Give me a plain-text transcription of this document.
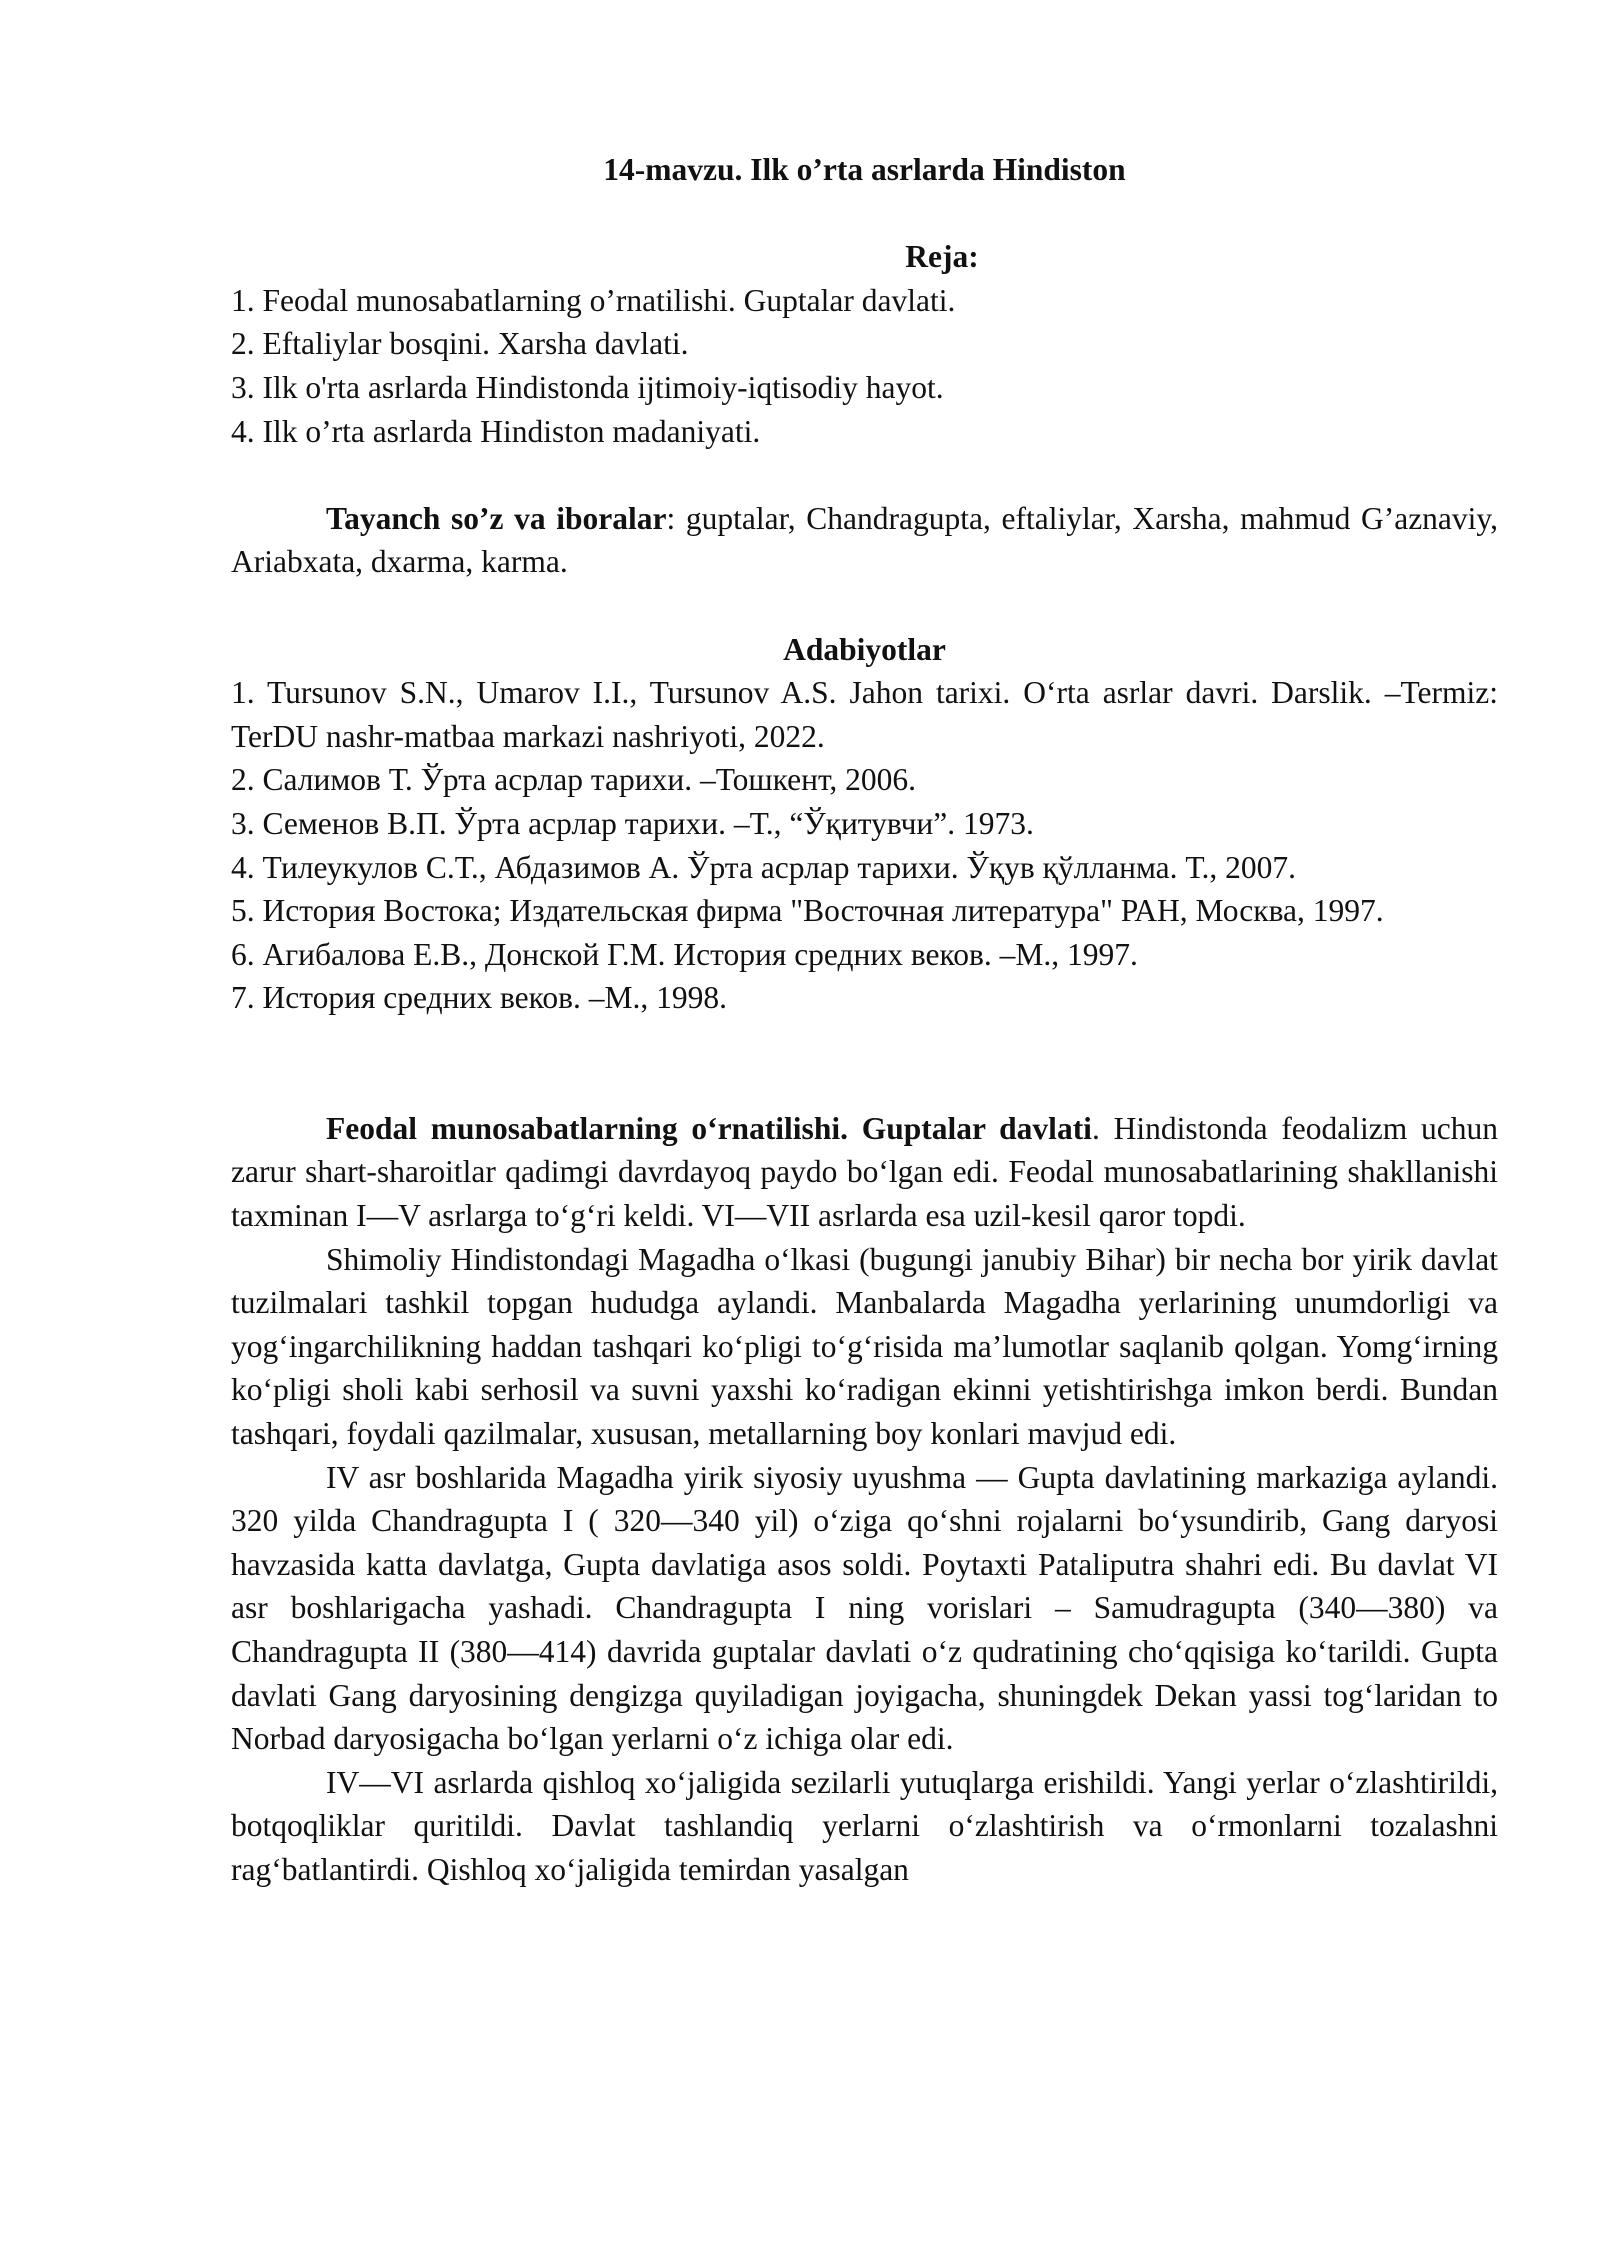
14-mavzu. Ilk o’rta asrlarda Hindiston

Reja:

1. Feodal munosabatlarning o’rnatilishi. Guptalar davlati.

2. Eftaliylar bosqini. Xarsha davlati.

3. Ilk o'rta asrlarda Hindistonda ijtimoiy-iqtisodiy hayot.

4. Ilk o’rta asrlarda Hindiston madaniyati.

Tayanch so’z va iboralar: guptalar, Chandragupta, eftaliylar, Xarsha, mahmud G’aznaviy, Ariabxata, dxarma, karma.

Adabiyotlar

1. Tursunov S.N., Umarov I.I., Tursunov A.S. Jahon tarixi. O‘rta asrlar davri. Darslik. –Termiz: TerDU nashr-matbaa markazi nashriyoti, 2022.

2. Салимов Т. Ўрта асрлар тарихи. –Тошкент, 2006.

3. Семенов В.П. Ўрта асрлар тарихи. –Т., “Ўқитувчи”. 1973.

4. Тилеукулов С.Т., Абдазимов А. Ўрта асрлар тарихи. Ўқув қўлланма. Т., 2007.

5. История Востока; Издательская фирма "Восточная литература" РАН, Москва, 1997.

6. Агибалова Е.В., Донской Г.М. История средних веков. –М., 1997.

7. История средних веков. –М., 1998.

Feodal munosabatlarning o‘rnatilishi. Guptalar davlati. Hindistonda feodalizm uchun zarur shart-sharoitlar qadimgi davrdayoq paydo bo‘lgan edi. Feodal munosabatlarining shakllanishi taxminan I—V asrlarga to‘g‘ri keldi. VI—VII asrlarda esa uzil-kesil qaror topdi.

Shimoliy Hindistondagi Magadha o‘lkasi (bugungi janubiy Bihar) bir necha bor yirik davlat tuzilmalari tashkil topgan hududga aylandi. Manbalarda Magadha yerlarining unumdorligi va yog‘ingarchilikning haddan tashqari ko‘pligi to‘g‘risida ma’lumotlar saqlanib qolgan. Yomg‘irning ko‘pligi sholi kabi serhosil va suvni yaxshi ko‘radigan ekinni yetishtirishga imkon berdi. Bundan tashqari, foydali qazilmalar, xususan, metallarning boy konlari mavjud edi.

IV asr boshlarida Magadha yirik siyosiy uyushma — Gupta davlatining markaziga aylandi. 320 yilda Chandragupta I ( 320—340 yil) o‘ziga qo‘shni rojalarni bo‘ysundirib, Gang daryosi havzasida katta davlatga, Gupta davlatiga asos soldi. Poytaxti Pataliputra shahri edi. Bu davlat VI asr boshlarigacha yashadi. Chandragupta I ning vorislari – Samudragupta (340—380) va Chandragupta II (380—414) davrida guptalar davlati o‘z qudratining cho‘qqisiga ko‘tarildi. Gupta davlati Gang daryosining dengizga quyiladigan joyigacha, shuningdek Dekan yassi tog‘laridan to Norbad daryosigacha bo‘lgan yerlarni o‘z ichiga olar edi.

IV—VI asrlarda qishloq xo‘jaligida sezilarli yutuqlarga erishildi. Yangi yerlar o‘zlashtirildi, botqoqliklar quritildi. Davlat tashlandiq yerlarni o‘zlashtirish va o‘rmonlarni tozalashni rag‘batlantirdi. Qishloq xo‘jaligida temirdan yasalgan
